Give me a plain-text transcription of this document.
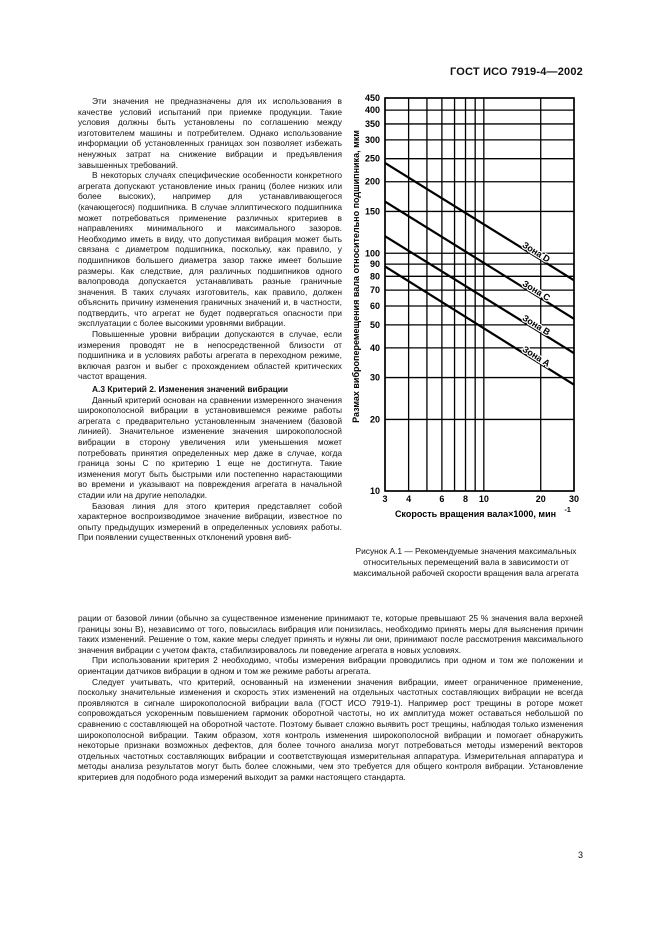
ГОСТ ИСО 7919-4—2002

Эти значения не предназначены для их использования в качестве условий испытаний при приемке продукции. Такие условия должны быть установлены по соглашению между изготовителем машины и потребителем. Однако использование информации об установленных границах зон позволяет избежать ненужных затрат на снижение вибрации и предъявления завышенных требований.

В некоторых случаях специфические особенности конкретного агрегата допускают установление иных границ (более низких или более высоких), например для устанавливающегося (качающегося) подшипника. В случае эллиптического подшипника может потребоваться применение различных критериев в направлениях минимального и максимального зазоров. Необходимо иметь в виду, что допустимая вибрация может быть связана с диаметром подшипника, поскольку, как правило, у подшипников большего диаметра зазор также имеет большие размеры. Как следствие, для различных подшипников одного валопровода допускается устанавливать разные граничные значения. В таких случаях изготовитель, как правило, должен объяснить причину изменения граничных значений и, в частности, подтвердить, что агрегат не будет подвергаться опасности при эксплуатации с более высокими уровнями вибрации.

Повышенные уровни вибрации допускаются в случае, если измерения проводят не в непосредственной близости от подшипника и в условиях работы агрегата в переходном режиме, включая разгон и выбег с прохождением областей критических частот вращения.

А.3 Критерий 2. Изменения значений вибрации

Данный критерий основан на сравнении измеренного значения широкополосной вибрации в установившемся режиме работы агрегата с предварительно установленным значением (базовой линией). Значительное изменение значения широкополосной вибрации в сторону увеличения или уменьшения может потребовать принятия определенных мер даже в случае, когда граница зоны С по критерию 1 еще не достигнута. Такие изменения могут быть быстрыми или постепенно нарастающими во времени и указывают на повреждения агрегата в начальной стадии или на другие неполадки.

Базовая линия для этого критерия представляет собой характерное воспроизводимое значение вибрации, известное по опыту предыдущих измерений в определенных условиях работы. При появлении существенных отклонений уровня виб-

10
20
30
40
50
60
70
80
90
100
150
200
250
300
350
400
450
3 4	6 8 10	20	30
Зона D
Зона С
Зона В
Зона А
Скорость вращения вала×1000, мин -1
Размах виброперемещения вала относительно подшипника, мкм
Рисунок А.1 — Рекомендуемые значения максимальных относительных перемещений вала в зависимости от максимальной рабочей скорости вращения вала агрегата

рации от базовой линии (обычно за существенное изменение принимают те, которые превышают 25 % значения вала верхней границы зоны В), независимо от того, повысилась вибрация или понизилась, необходимо принять меры для выяснения причин таких изменений. Решение о том, какие меры следует принять и нужны ли они, принимают после рассмотрения максимального значения вибрации с учетом факта, стабилизировалось ли поведение агрегата в новых условиях.

При использовании критерия 2 необходимо, чтобы измерения вибрации проводились при одном и том же положении и ориентации датчиков вибрации в одном и том же режиме работы агрегата.

Следует учитывать, что критерий, основанный на изменении значения вибрации, имеет ограниченное применение, поскольку значительные изменения и скорость этих изменений на отдельных частотных составляющих вибрации не всегда проявляются в сигнале широкополосной вибрации вала (ГОСТ ИСО 7919-1). Например рост трещины в роторе может сопровождаться ускоренным повышением гармоник оборотной частоты, но их амплитуда может оставаться небольшой по сравнению с составляющей на оборотной частоте. Поэтому бывает сложно выявить рост трещины, наблюдая только изменения широкополосной вибрации. Таким образом, хотя контроль изменения широкополосной вибрации и помогает обнаружить некоторые признаки возможных дефектов, для более точного анализа могут потребоваться методы измерений векторов отдельных частотных составляющих вибрации и соответствующая измерительная аппаратура. Измерительная аппаратура и методы анализа результатов могут быть более сложными, чем это требуется для общего контроля вибрации. Установление критериев для подобного рода измерений выходит за рамки настоящего стандарта.

3
